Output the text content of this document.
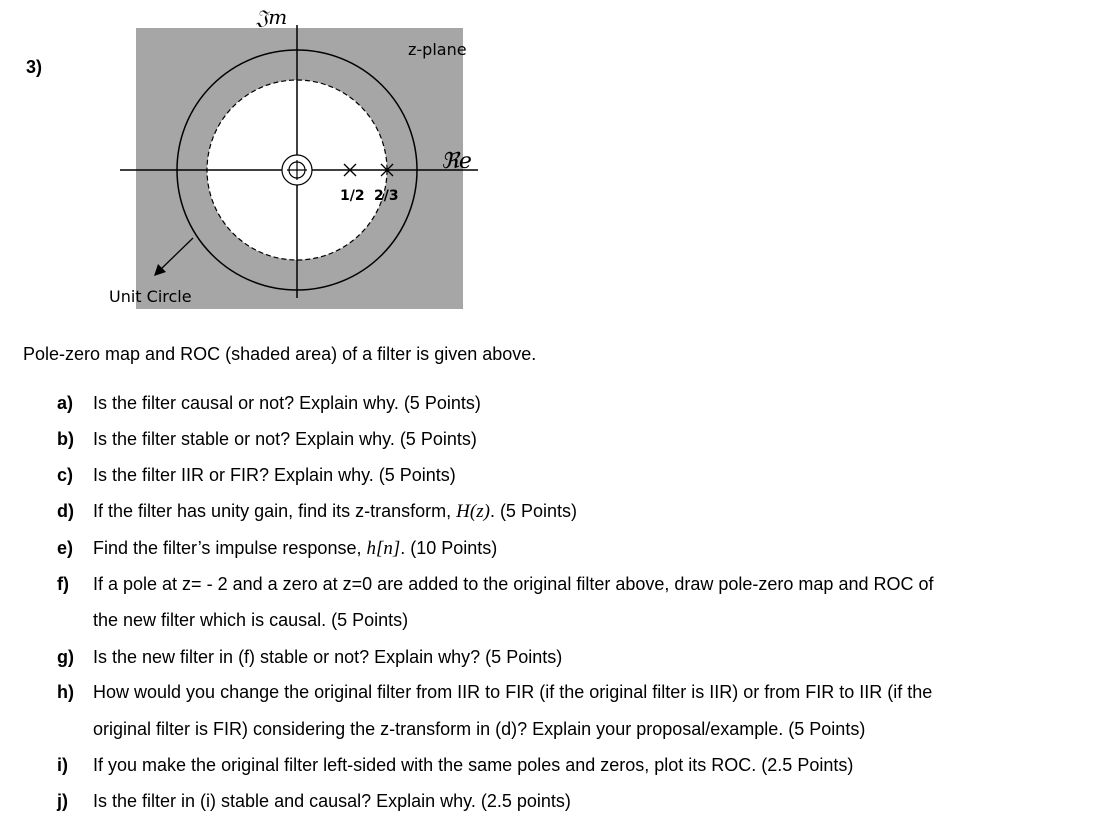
3)
1/2 2/3
z-plane
𝔍m
ℜe
Unit Circle
Pole-zero map and ROC (shaded area) of a filter is given above.
a) Is the filter causal or not? Explain why. (5 Points)
b) Is the filter stable or not? Explain why. (5 Points)
c) Is the filter IIR or FIR? Explain why. (5 Points)
d) If the filter has unity gain, find its z-transform, H(z). (5 Points)
e) Find the filter’s impulse response, h[n]. (10 Points)
f) If a pole at z= - 2 and a zero at z=0 are added to the original filter above, draw pole-zero map and ROC of
the new filter which is causal. (5 Points)
g) Is the new filter in (f) stable or not? Explain why? (5 Points)
h) How would you change the original filter from IIR to FIR (if the original filter is IIR) or from FIR to IIR (if the
original filter is FIR) considering the z-transform in (d)? Explain your proposal/example. (5 Points)
i) If you make the original filter left-sided with the same poles and zeros, plot its ROC. (2.5 Points)
j) Is the filter in (i) stable and causal? Explain why. (2.5 points)
